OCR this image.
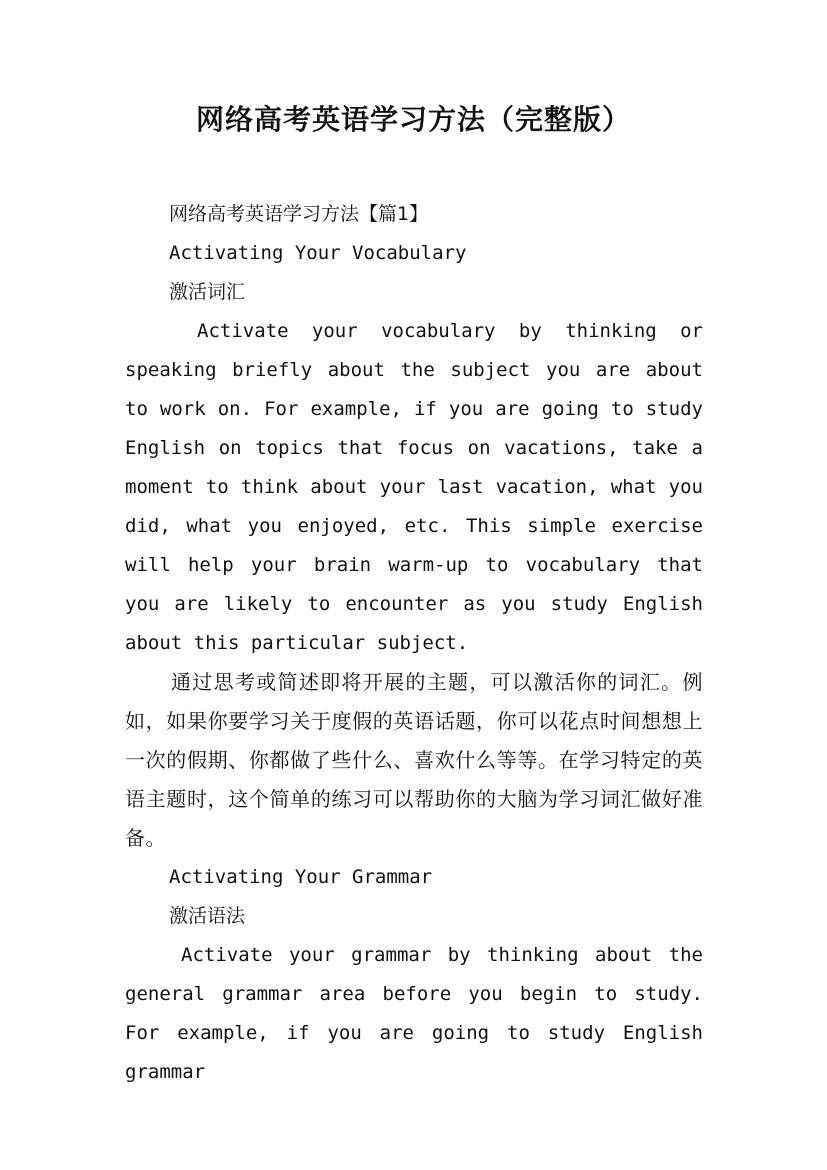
网络高考英语学习方法（完整版）

网络高考英语学习方法【篇1】

Activating Your Vocabulary

激活词汇

Activate your vocabulary by thinking or speaking briefly about the subject you are about to work on. For example, if you are going to study English on topics that focus on vacations, take a moment to think about your last vacation, what you did, what you enjoyed, etc. This simple exercise will help your brain warm-up to vocabulary that you are likely to encounter as you study English about this particular subject.

通过思考或简述即将开展的主题，可以激活你的词汇。例如，如果你要学习关于度假的英语话题，你可以花点时间想想上一次的假期、你都做了些什么、喜欢什么等等。在学习特定的英语主题时，这个简单的练习可以帮助你的大脑为学习词汇做好准备。

Activating Your Grammar

激活语法

Activate your grammar by thinking about the general grammar area before you begin to study. For example, if you are going to study English grammar
